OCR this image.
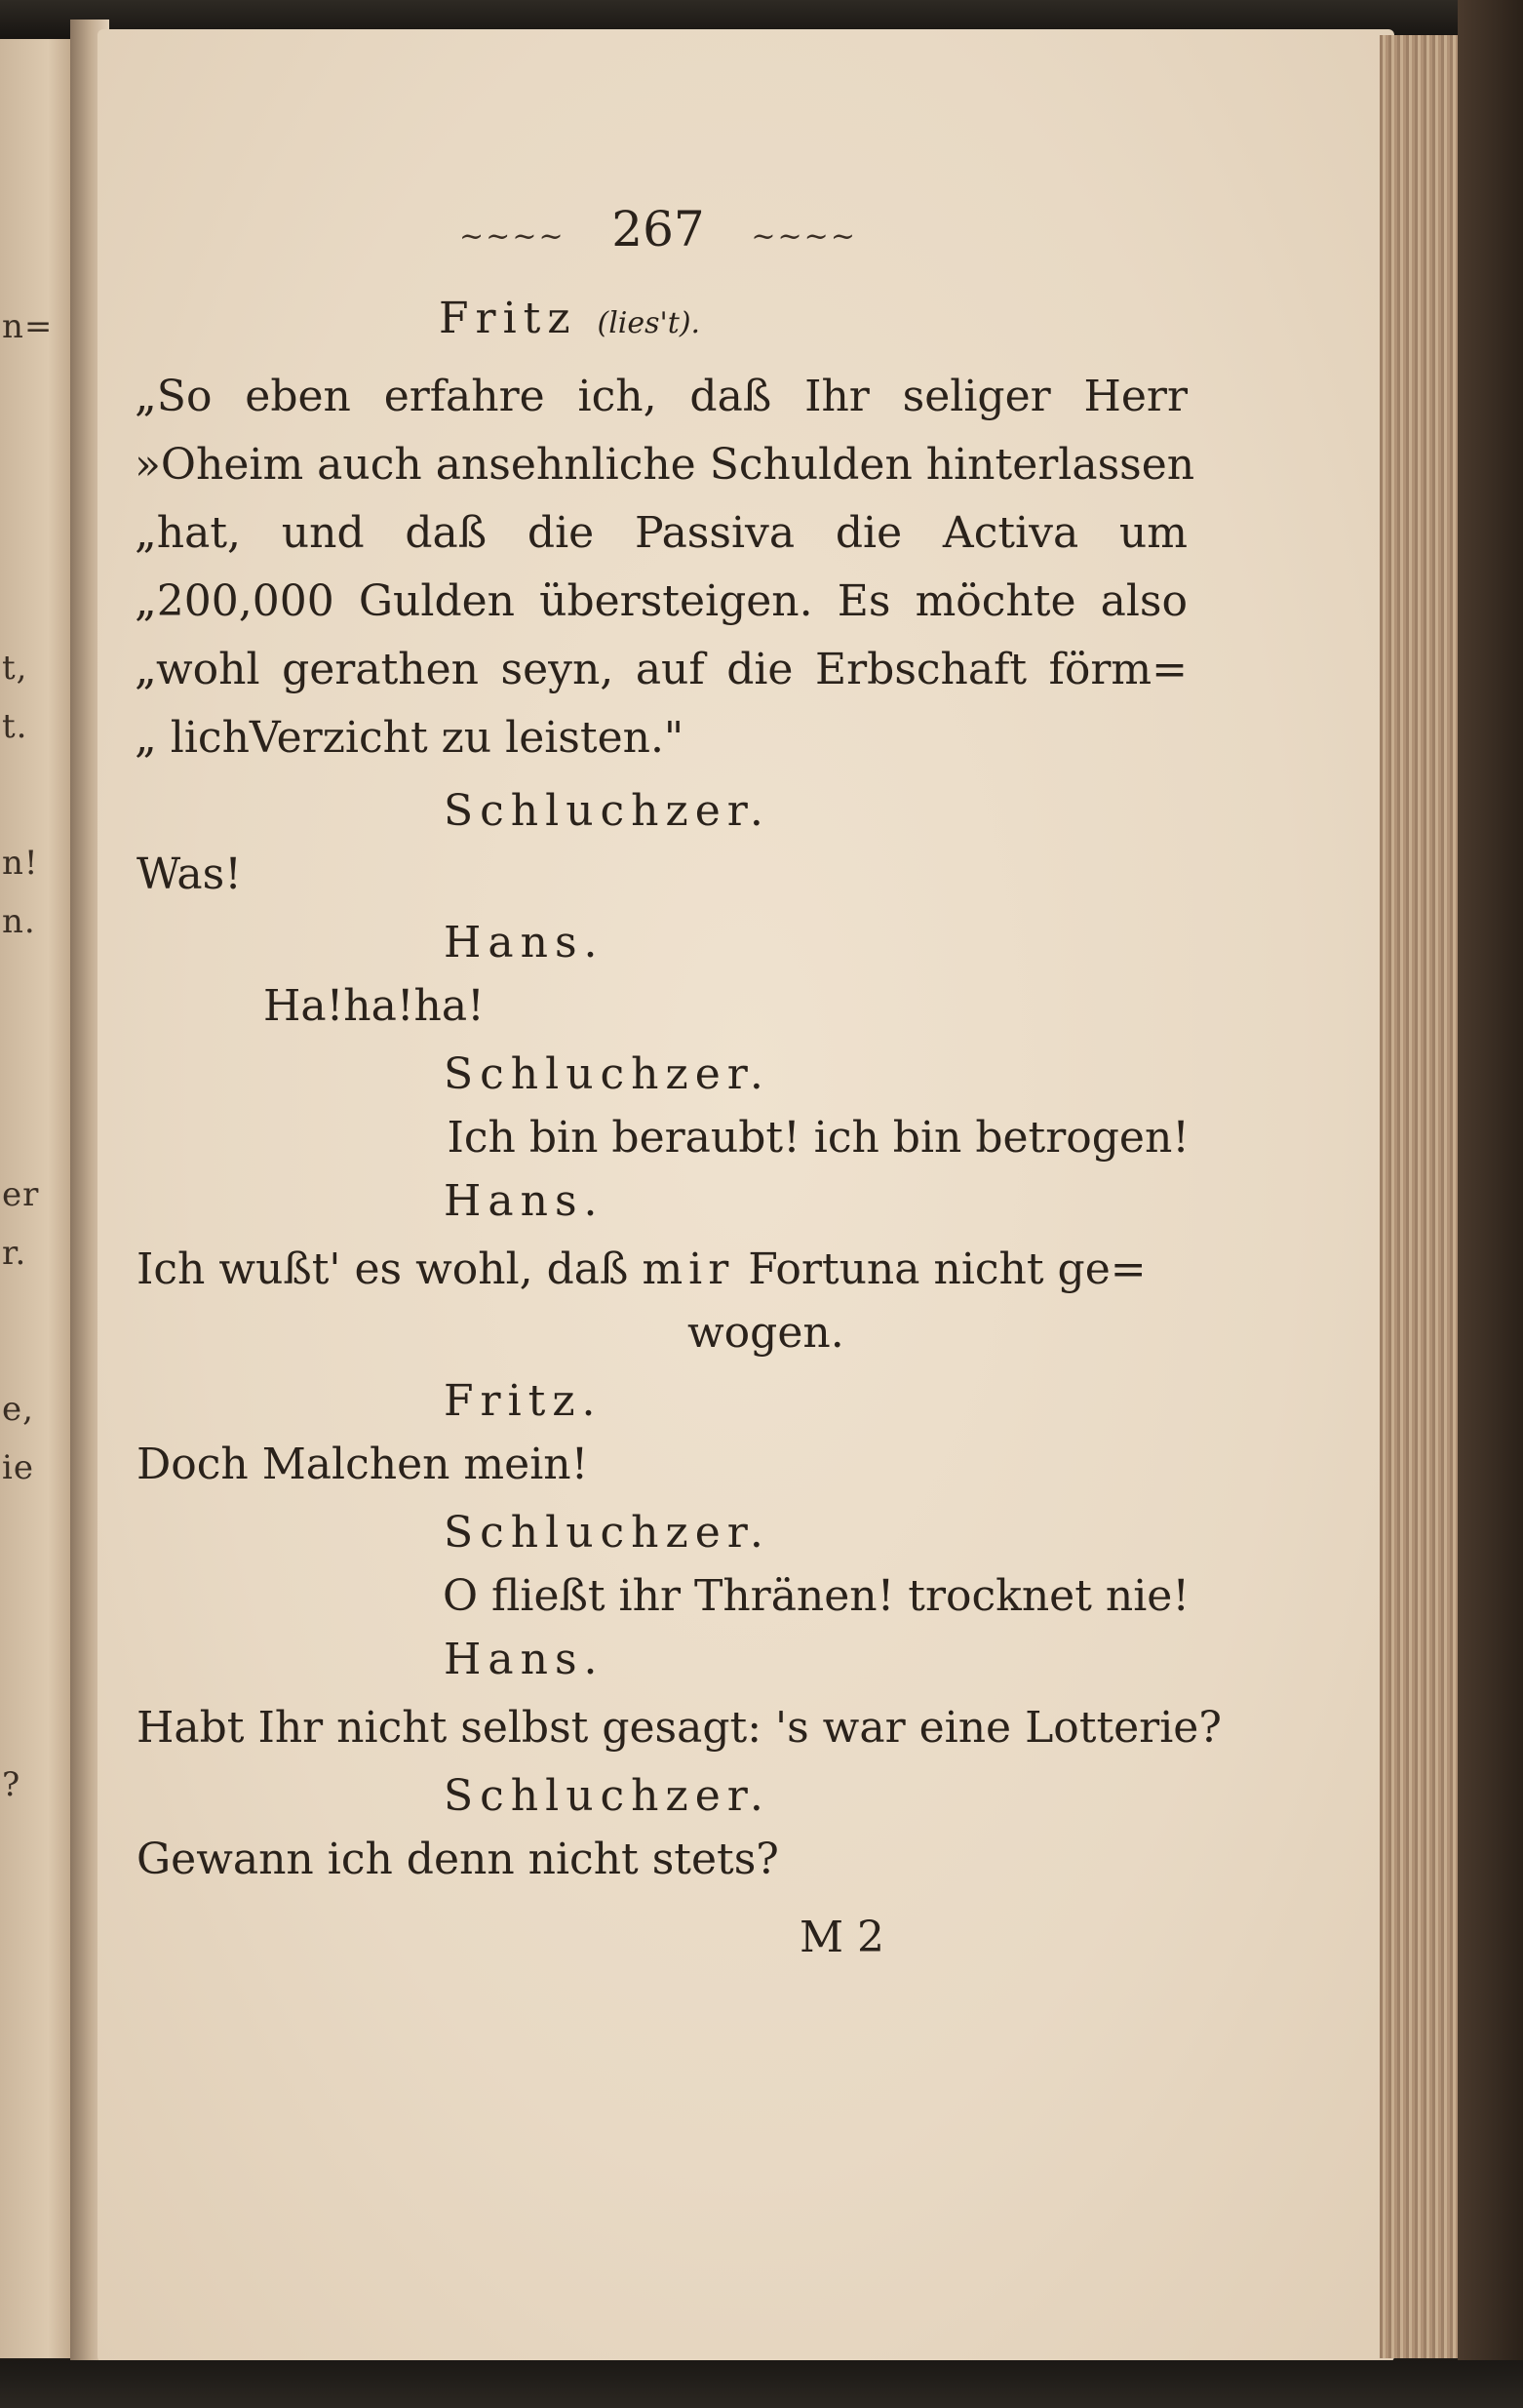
n=
t,
t.
n!
n.
er
r.
e,
ie
?
~~~~ 267 ~~~~
Fritz (lies't).
„So eben erfahre ich, daß Ihr seliger Herr
»Oheim auch ansehnliche Schulden hinterlassen
„hat, und daß die Passiva die Activa um
„200,000 Gulden übersteigen. Es möchte also
„wohl gerathen seyn, auf die Erbschaft förm=
„ lichVerzicht zu leisten."
Schluchzer.
Was!
Hans.
Ha!ha!ha!
Schluchzer.
Ich bin beraubt! ich bin betrogen!
Hans.
Ich wußt' es wohl, daß mir Fortuna nicht ge=
wogen.
Fritz.
Doch Malchen mein!
Schluchzer.
O fließt ihr Thränen! trocknet nie!
Hans.
Habt Ihr nicht selbst gesagt: 's war eine Lotterie?
Schluchzer.
Gewann ich denn nicht stets?
M 2
